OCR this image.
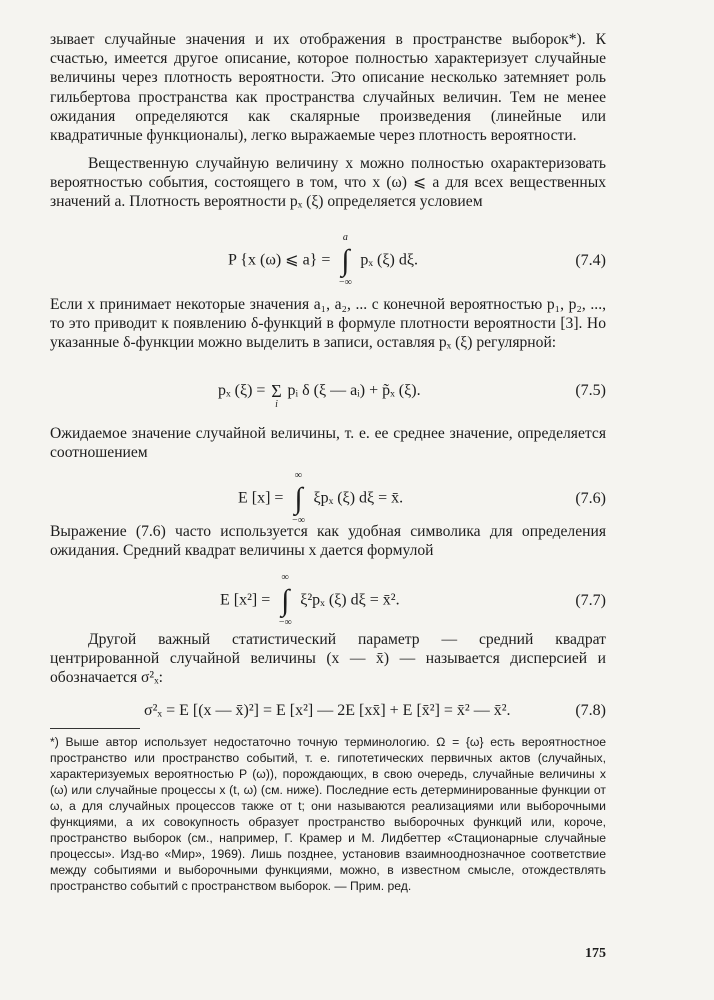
зывает случайные значения и их отображения в пространстве выборок*). К счастью, имеется другое описание, которое полностью характеризует случайные величины через плотность вероятности. Это описание несколько затемняет роль гильбертова пространства как пространства случайных величин. Тем не менее ожидания определяются как скалярные произведения (линейные или квадратичные функционалы), легко выражаемые через плотность вероятности.

Вещественную случайную величину x можно полностью охарактеризовать вероятностью события, состоящего в том, что x (ω) ⩽ a для всех вещественных значений a. Плотность вероятности pₓ (ξ) определяется условием

P {x (ω) ⩽ a} =
a
∫
−∞
pₓ (ξ) dξ.	(7.4)

Если x принимает некоторые значения a₁, a₂, ... с конечной вероятностью p₁, p₂, ..., то это приводит к появлению δ-функций в формуле плотности вероятности [3]. Но указанные δ-функции можно выделить в записи, оставляя pₓ (ξ) регулярной:

pₓ (ξ) = Σ
i
pᵢ δ (ξ — aᵢ) + p̃ₓ (ξ).	(7.5)

Ожидаемое значение случайной величины, т. е. ее среднее значение, определяется соотношением

E [x] =
∞
∫
−∞
ξpₓ (ξ) dξ = x̄.	(7.6)

Выражение (7.6) часто используется как удобная символика для определения ожидания. Средний квадрат величины x дается формулой

E [x²] =
∞
∫
−∞
ξ²pₓ (ξ) dξ = x̄².	(7.7)

Другой важный статистический параметр — средний квадрат центрированной случайной величины (x — x̄) — называется дисперсией и обозначается σ²ₓ:

σ²ₓ = E [(x — x̄)²] = E [x²] — 2E [xx̄] + E [x̄²] = x̄² — x̄².	(7.8)

*) Выше автор использует недостаточно точную терминологию. Ω = {ω} есть вероятностное пространство или пространство событий, т. е. гипотетических первичных актов (случайных, характеризуемых вероятностью P (ω)), порождающих, в свою очередь, случайные величины x (ω) или случайные процессы x (t, ω) (см. ниже). Последние есть детерминированные функции от ω, а для случайных процессов также от t; они называются реализациями или выборочными функциями, а их совокупность образует пространство выборочных функций или, короче, пространство выборок (см., например, Г. Крамер и М. Лидбеттер «Стационарные случайные процессы». Изд-во «Мир», 1969). Лишь позднее, установив взаимнооднозначное соответствие между событиями и выборочными функциями, можно, в известном смысле, отождествлять пространство событий с пространством выборок. — Прим. ред.

175
